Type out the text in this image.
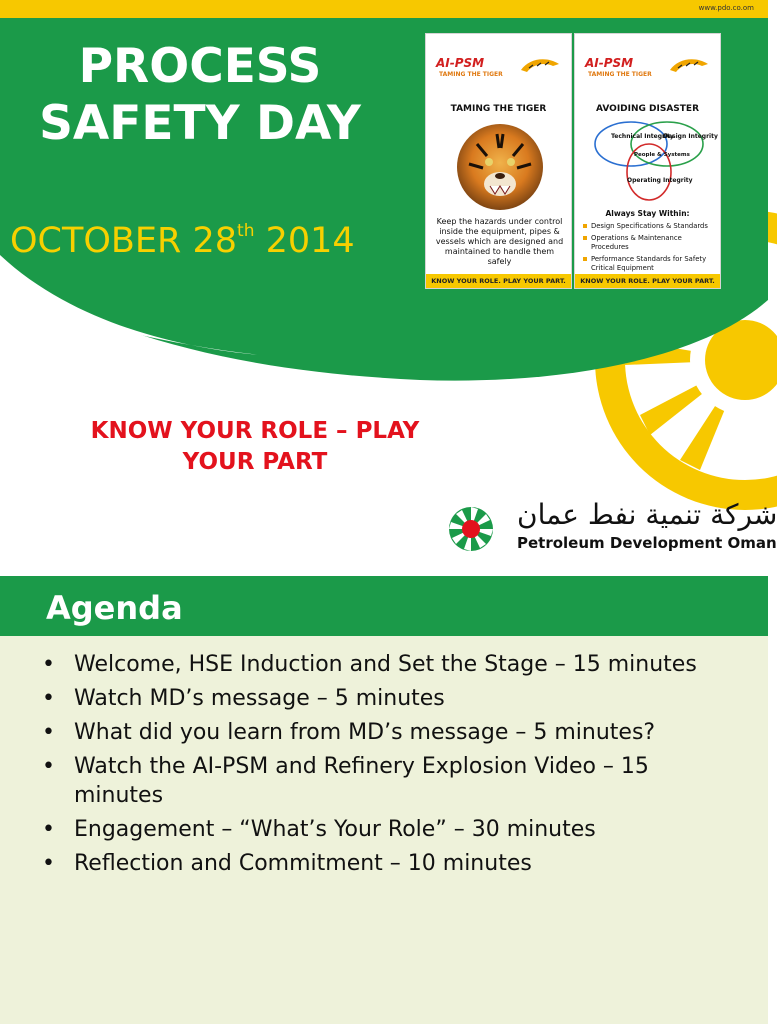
www.pdo.co.om
PROCESS
SAFETY DAY
OCTOBER 28th 2014
AI-PSM
TAMING THE TIGER
TAMING THE TIGER
Keep the hazards under control inside the equipment, pipes & vessels which are designed and maintained to handle them safely
KNOW YOUR ROLE. PLAY YOUR PART.
AI-PSM
TAMING THE TIGER
AVOIDING DISASTER
Technical Integrity
Design Integrity
People & Systems
Operating Integrity
Always Stay Within:
Design Specifications & Standards
Operations & Maintenance Procedures
Performance Standards for Safety Critical Equipment
KNOW YOUR ROLE. PLAY YOUR PART.
KNOW YOUR ROLE – PLAY
YOUR PART
شركة تنمية نفط عمان
Petroleum Development Oman
Agenda
• Welcome, HSE Induction and Set the Stage – 15 minutes
• Watch MD’s message – 5 minutes
• What did you learn from MD’s message – 5 minutes?
• Watch the AI-PSM and Refinery Explosion Video – 15 minutes
• Engagement – “What’s Your Role” – 30 minutes
• Reflection and Commitment – 10 minutes
